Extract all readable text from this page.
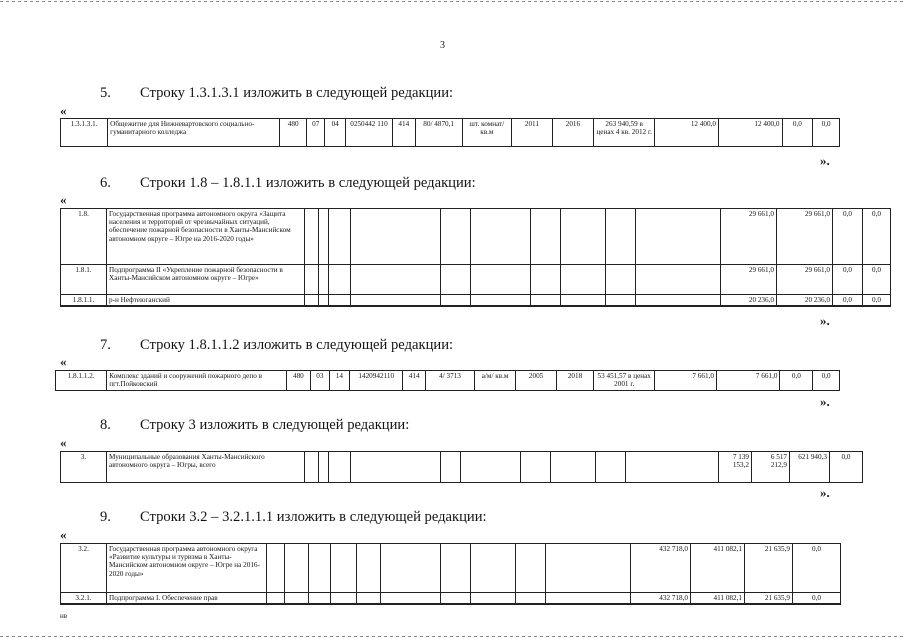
3
5. Строку 1.3.1.3.1 изложить в следующей редакции:
«
1.3.1.3.1.	Общежитие для Нижневартовского социально-гуманитарного колледжа	480	07	04	0250442 110	414	80/ 4870,1	шт. комнат/ кв.м	2011	2016	263 940,59 в ценах 4 кв. 2012 г.	12 400,0	12 400,0	0,0	0,0
».
6. Строки 1.8 – 1.8.1.1 изложить в следующей редакции:
«
1.8.	Государственная программа автономного округа «Защита населения и территорий от чрезвычайных ситуаций, обеспечение пожарной безопасности в Ханты-Мансийском автономном округе – Югре на 2016-2020 годы»											29 661,0	29 661,0	0,0	0,0
1.8.1.	Подпрограмма II «Укрепление пожарной безопасности в Ханты-Мансийском автономном округе – Югре»											29 661,0	29 661,0	0,0	0,0
1.8.1.1.	р-н Нефтеюганский											20 236,0	20 236,0	0,0	0,0
».
7. Строку 1.8.1.1.2 изложить в следующей редакции:
«
1.8.1.1.2.	Комплекс зданий и сооружений пожарного депо в пгт.Пойковский	480	03	14	1420942110	414	4/ 3713	а/м/ кв.м	2005	2018	53 451,57 в ценах 2001 г.	7 661,0	7 661,0	0,0	0,0
».
8. Строку 3 изложить в следующей редакции:
«
3.	Муниципальные образования Ханты-Мансийского автономного округа – Югры, всего											7 139 153,2	6 517 212,9	621 940,3	0,0
».
9. Строки 3.2 – 3.2.1.1.1 изложить в следующей редакции:
«
3.2.	Государственная программа автономного округа «Развитие культуры и туризма в Ханты-Мансийском автономном округе – Югре на 2016-2020 годы»											432 718,0	411 082,1	21 635,9	0,0
3.2.1.	Подпрограмма I. Обеспечение прав											432 718,0	411 082,1	21 635,9	0,0
нв
